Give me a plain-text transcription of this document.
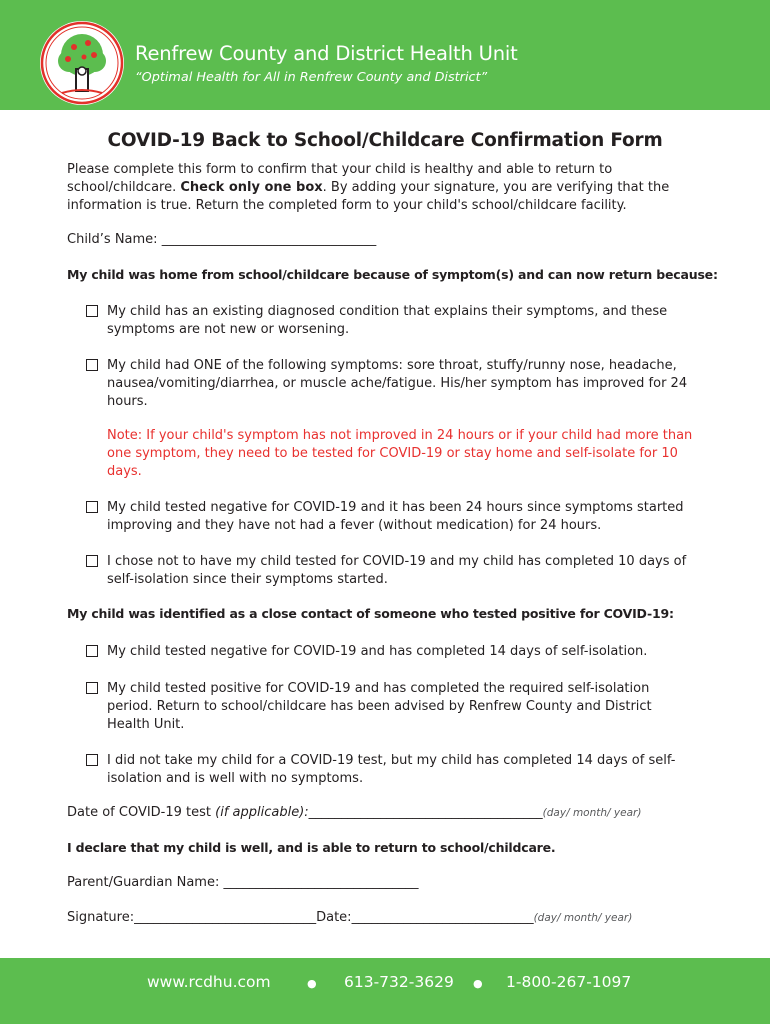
Renfrew County and District Health Unit
“Optimal Health for All in Renfrew County and District”
COVID-19 Back to School/Childcare Confirmation Form
Please complete this form to confirm that your child is healthy and able to return to
school/childcare. Check only one box. By adding your signature, you are verifying that the
information is true. Return the completed form to your child's school/childcare facility.
Child’s Name: _________________________________
My child was home from school/childcare because of symptom(s) and can now return because:
My child has an existing diagnosed condition that explains their symptoms, and these
symptoms are not new or worsening.
My child had ONE of the following symptoms: sore throat, stuffy/runny nose, headache,
nausea/vomiting/diarrhea, or muscle ache/fatigue. His/her symptom has improved for 24
hours.
Note: If your child's symptom has not improved in 24 hours or if your child had more than
one symptom, they need to be tested for COVID-19 or stay home and self-isolate for 10
days.
My child tested negative for COVID-19 and it has been 24 hours since symptoms started
improving and they have not had a fever (without medication) for 24 hours.
I chose not to have my child tested for COVID-19 and my child has completed 10 days of
self-isolation since their symptoms started.
My child was identified as a close contact of someone who tested positive for COVID-19:
My child tested negative for COVID-19 and has completed 14 days of self-isolation.
My child tested positive for COVID-19 and has completed the required self-isolation
period. Return to school/childcare has been advised by Renfrew County and District
Health Unit.
I did not take my child for a COVID-19 test, but my child has completed 14 days of self-
isolation and is well with no symptoms.
Date of COVID-19 test (if applicable):____________________________________(day/ month/ year)
I declare that my child is well, and is able to return to school/childcare.
Parent/Guardian Name: ______________________________
Signature:____________________________Date:____________________________(day/ month/ year)
www.rcdhu.com	● 613-732-3629 ● 1-800-267-1097
